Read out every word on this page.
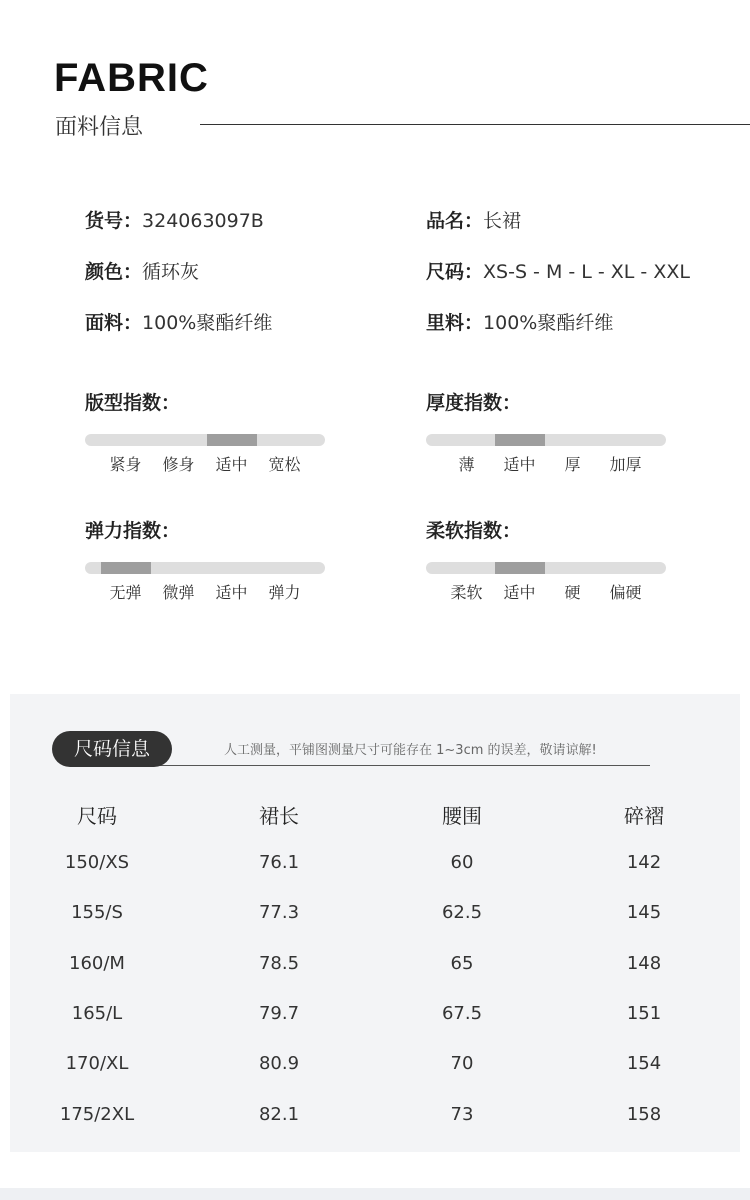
FABRIC
面料信息
货号：324063097B	品名：长裙
颜色：循环灰	尺码：XS-S - M - L - XL - XXL
面料：100%聚酯纤维	里料：100%聚酯纤维
版型指数：
紧身 修身 适中 宽松
厚度指数：
薄 适中 厚 加厚
弹力指数：
无弹 微弹 适中 弹力
柔软指数：
柔软 适中 硬 偏硬
尺码信息	人工测量，平铺图测量尺寸可能存在 1~3cm 的误差，敬请谅解!
尺码	裙长	腰围	碎褶
150/XS	76.1	60	142
155/S	77.3	62.5	145
160/M	78.5	65	148
165/L	79.7	67.5	151
170/XL	80.9	70	154
175/2XL	82.1	73	158
